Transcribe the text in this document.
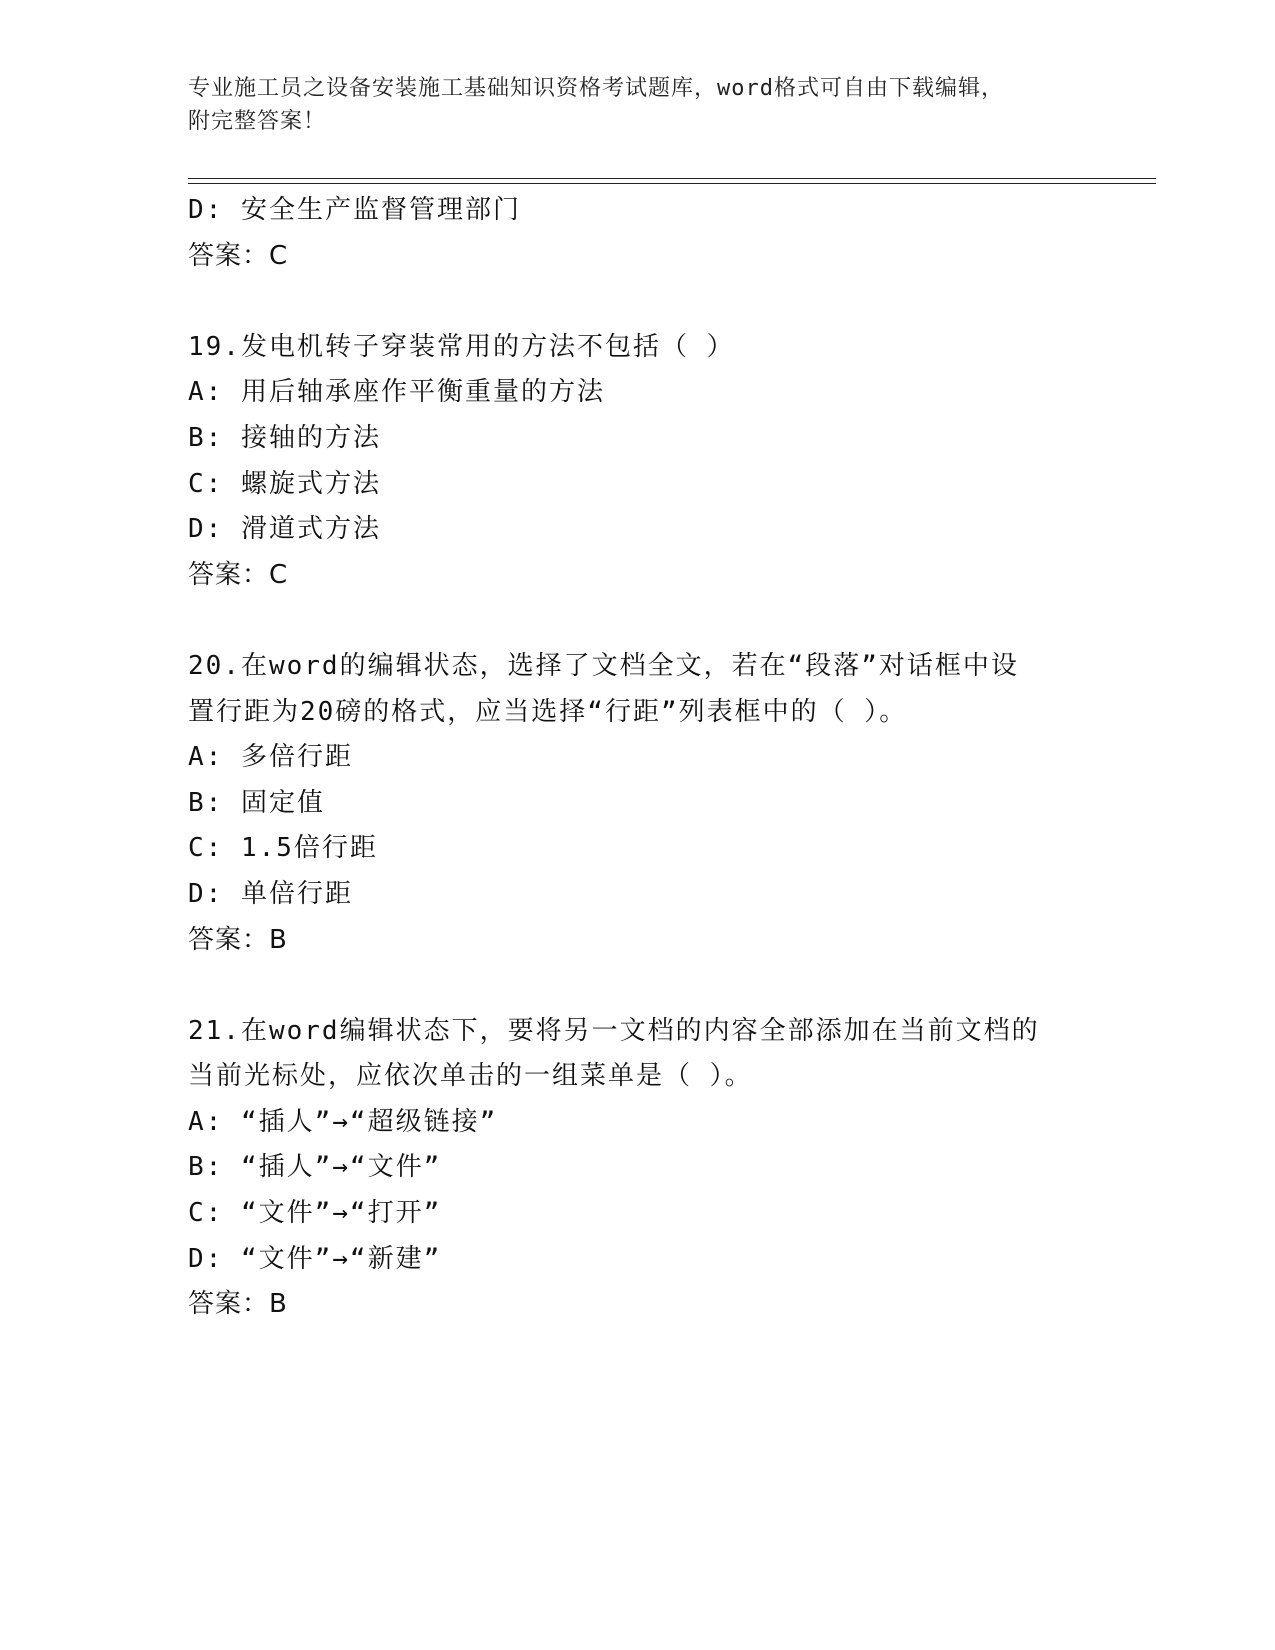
专业施工员之设备安装施工基础知识资格考试题库，word格式可自由下载编辑，
附完整答案！
D: 安全生产监督管理部门
答案：C
19.发电机转子穿装常用的方法不包括（ ）
A: 用后轴承座作平衡重量的方法
B: 接轴的方法
C: 螺旋式方法
D: 滑道式方法
答案：C
20.在word的编辑状态，选择了文档全文，若在“段落”对话框中设
置行距为20磅的格式，应当选择“行距”列表框中的（ ）。
A: 多倍行距
B: 固定值
C: 1.5倍行距
D: 单倍行距
答案：B
21.在word编辑状态下，要将另一文档的内容全部添加在当前文档的
当前光标处，应依次单击的一组菜单是（ ）。
A: “插人”→“超级链接”
B: “插人”→“文件”
C: “文件”→“打开”
D: “文件”→“新建”
答案：B
